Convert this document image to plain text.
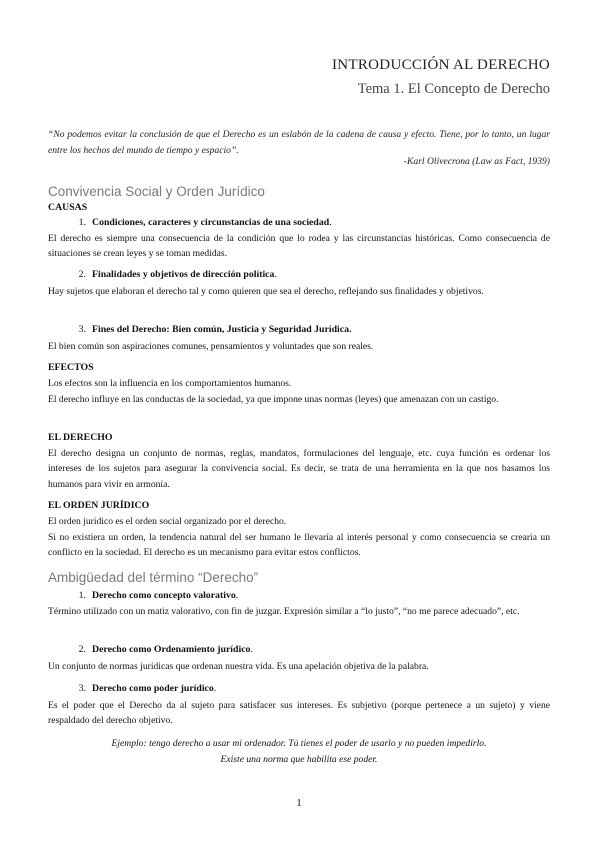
INTRODUCCIÓN AL DERECHO
Tema 1. El Concepto de Derecho
“No podemos evitar la conclusión de que el Derecho es un eslabón de la cadena de causa y efecto. Tiene, por lo tanto, un lugar entre los hechos del mundo de tiempo y espacio”.
-Karl Olivecrona (Law as Fact, 1939)
Convivencia Social y Orden Jurídico
CAUSAS
1. Condiciones, caracteres y circunstancias de una sociedad.
El derecho es siempre una consecuencia de la condición que lo rodea y las circunstancias históricas. Como consecuencia de situaciones se crean leyes y se toman medidas.
2. Finalidades y objetivos de dirección política.
Hay sujetos que elaboran el derecho tal y como quieren que sea el derecho, reflejando sus finalidades y objetivos.
3. Fines del Derecho: Bien común, Justicia y Seguridad Jurídica.
El bien común son aspiraciones comunes, pensamientos y voluntades que son reales.
EFECTOS
Los efectos son la influencia en los comportamientos humanos.
El derecho influye en las conductas de la sociedad, ya que impone unas normas (leyes) que amenazan con un castigo.
EL DERECHO
El derecho designa un conjunto de normas, reglas, mandatos, formulaciones del lenguaje, etc. cuya función es ordenar los intereses de los sujetos para asegurar la convivencia social. Es decir, se trata de una herramienta en la que nos basamos los humanos para vivir en armonía.
EL ORDEN JURÍDICO
El orden jurídico es el orden social organizado por el derecho.
Si no existiera un orden, la tendencia natural del ser humano le llevaría al interés personal y como consecuencia se crearía un conflicto en la sociedad. El derecho es un mecanismo para evitar estos conflictos.
Ambigüedad del término “Derecho”
1. Derecho como concepto valorativo.
Término utilizado con un matiz valorativo, con fin de juzgar. Expresión similar a “lo justo”, “no me parece adecuado”, etc.
2. Derecho como Ordenamiento jurídico.
Un conjunto de normas jurídicas que ordenan nuestra vida. Es una apelación objetiva de la palabra.
3. Derecho como poder jurídico.
Es el poder que el Derecho da al sujeto para satisfacer sus intereses. Es subjetivo (porque pertenece a un sujeto) y viene respaldado del derecho objetivo.
Ejemplo: tengo derecho a usar mi ordenador. Tú tienes el poder de usarlo y no pueden impedirlo.
Existe una norma que habilita ese poder.
1
